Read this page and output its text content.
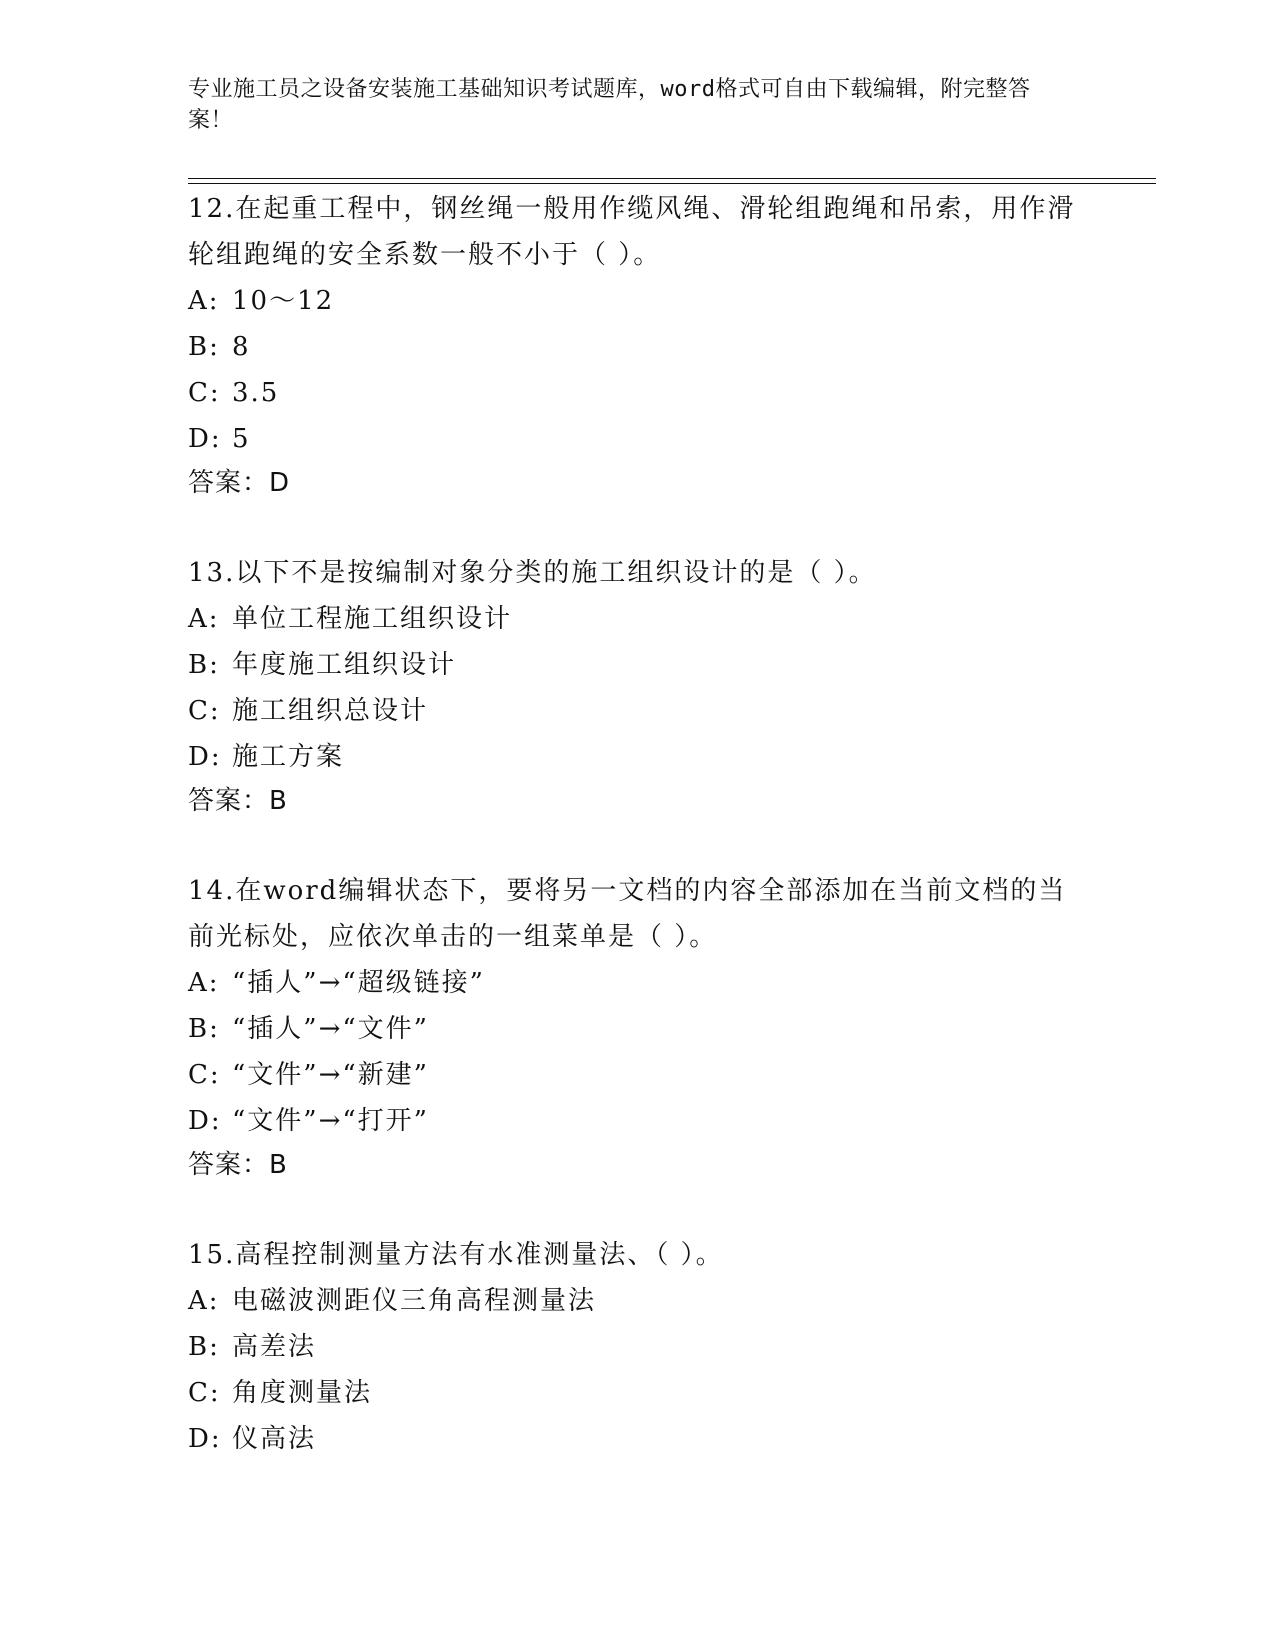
专业施工员之设备安装施工基础知识考试题库，word格式可自由下载编辑，附完整答案！

12.在起重工程中，钢丝绳一般用作缆风绳、滑轮组跑绳和吊索，用作滑轮组跑绳的安全系数一般不小于（ ）。

A: 10～12
B: 8
C: 3.5
D: 5
答案：D

13.以下不是按编制对象分类的施工组织设计的是（ ）。

A: 单位工程施工组织设计
B: 年度施工组织设计
C: 施工组织总设计
D: 施工方案
答案：B

14.在word编辑状态下，要将另一文档的内容全部添加在当前文档的当前光标处，应依次单击的一组菜单是（ ）。

A: “插人”→“超级链接”
B: “插人”→“文件”
C: “文件”→“新建”
D: “文件”→“打开”
答案：B

15.高程控制测量方法有水准测量法、（ ）。

A: 电磁波测距仪三角高程测量法
B: 高差法
C: 角度测量法
D: 仪高法
